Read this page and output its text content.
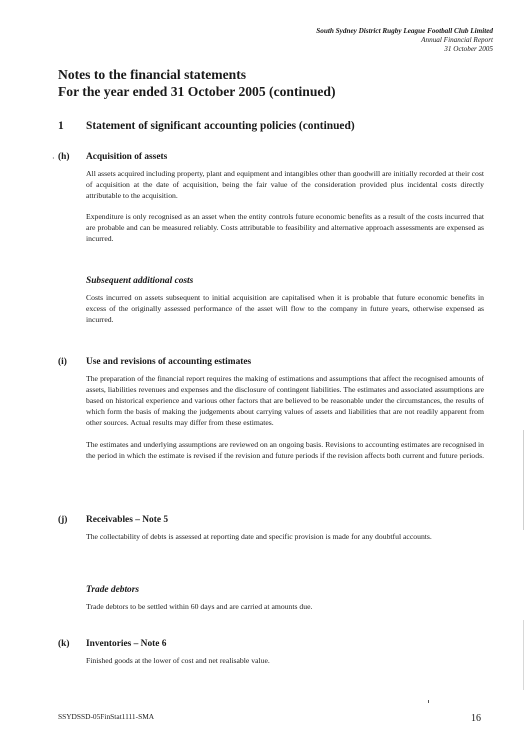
South Sydney District Rugby League Football Club Limited
Annual Financial Report
31 October 2005
Notes to the financial statements
For the year ended 31 October 2005 (continued)
1 Statement of significant accounting policies (continued)
· (h) Acquisition of assets
All assets acquired including property, plant and equipment and intangibles other than goodwill are initially recorded at their cost of acquisition at the date of acquisition, being the fair value of the consideration provided plus incidental costs directly attributable to the acquisition.
Expenditure is only recognised as an asset when the entity controls future economic benefits as a result of the costs incurred that are probable and can be measured reliably. Costs attributable to feasibility and alternative approach assessments are expensed as incurred.
Subsequent additional costs
Costs incurred on assets subsequent to initial acquisition are capitalised when it is probable that future economic benefits in excess of the originally assessed performance of the asset will flow to the company in future years, otherwise expensed as incurred.
(i) Use and revisions of accounting estimates
The preparation of the financial report requires the making of estimations and assumptions that affect the recognised amounts of assets, liabilities revenues and expenses and the disclosure of contingent liabilities. The estimates and associated assumptions are based on historical experience and various other factors that are believed to be reasonable under the circumstances, the results of which form the basis of making the judgements about carrying values of assets and liabilities that are not readily apparent from other sources. Actual results may differ from these estimates.
The estimates and underlying assumptions are reviewed on an ongoing basis. Revisions to accounting estimates are recognised in the period in which the estimate is revised if the revision and future periods if the revision affects both current and future periods.
(j) Receivables – Note 5
The collectability of debts is assessed at reporting date and specific provision is made for any doubtful accounts.
Trade debtors
Trade debtors to be settled within 60 days and are carried at amounts due.
(k) Inventories – Note 6
Finished goods at the lower of cost and net realisable value.
SSYDSSD-05FinStat1111-SMA	16
